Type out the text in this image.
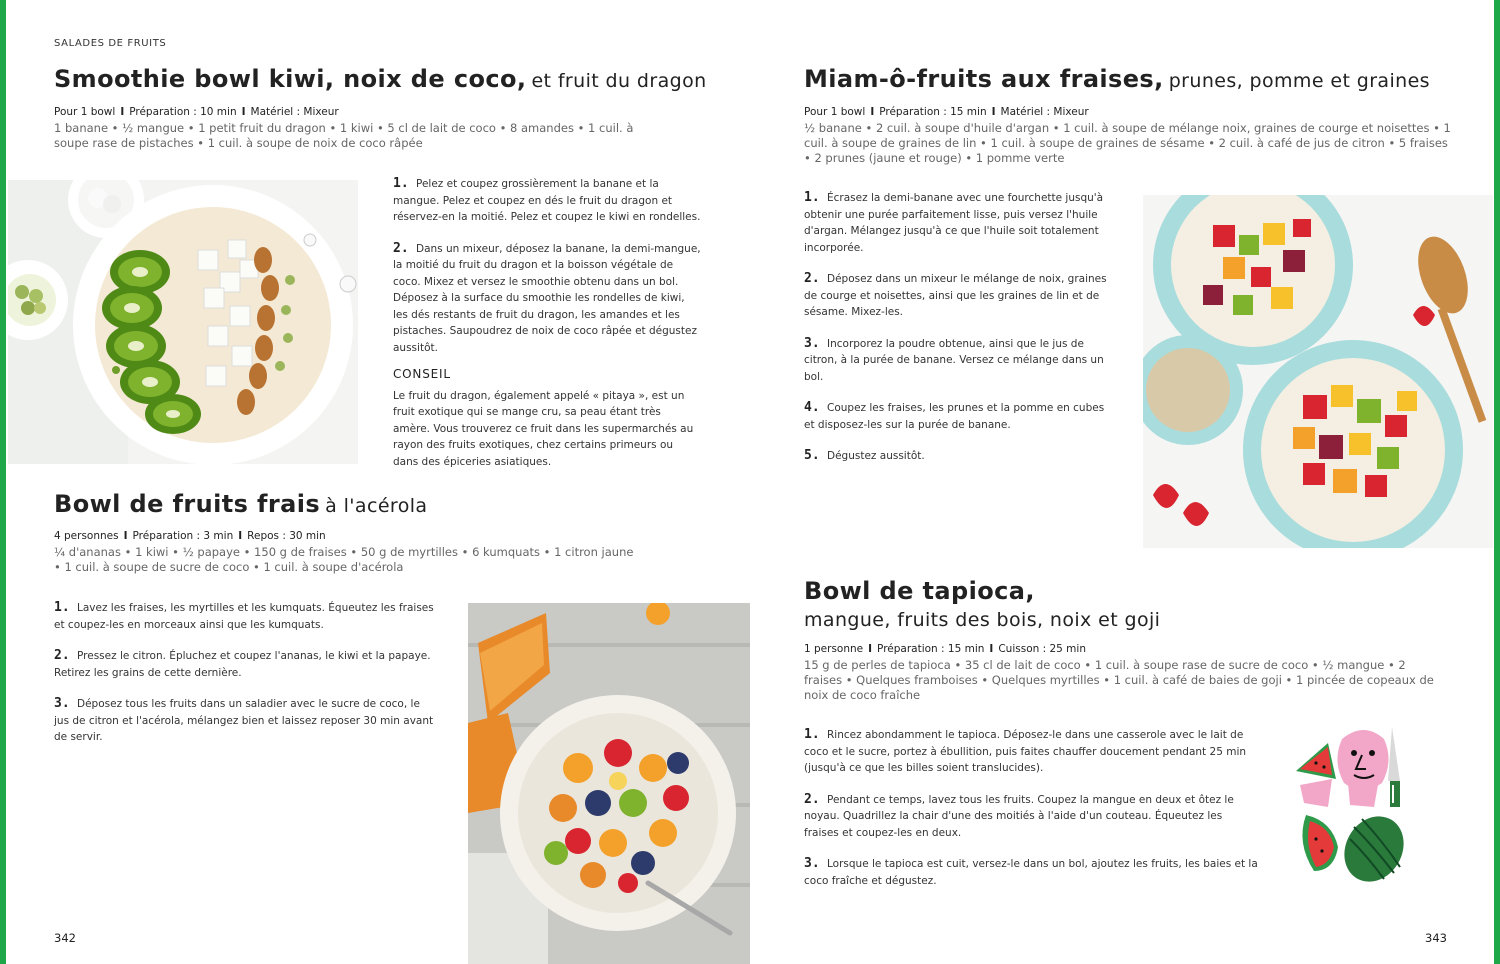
SALADES DE FRUITS
Smoothie bowl kiwi, noix de coco, et fruit du dragon
Pour 1 bowl I Préparation : 10 min I Matériel : Mixeur
1 banane • ½ mangue • 1 petit fruit du dragon • 1 kiwi • 5 cl de lait de coco • 8 amandes • 1 cuil. à soupe rase de pistaches • 1 cuil. à soupe de noix de coco râpée
1. Pelez et coupez grossièrement la banane et la mangue. Pelez et coupez en dés le fruit du dragon et réservez-en la moitié. Pelez et coupez le kiwi en rondelles.
2. Dans un mixeur, déposez la banane, la demi-mangue, la moitié du fruit du dragon et la boisson végétale de coco. Mixez et versez le smoothie obtenu dans un bol. Déposez à la surface du smoothie les rondelles de kiwi, les dés restants de fruit du dragon, les amandes et les pistaches. Saupoudrez de noix de coco râpée et dégustez aussitôt.
CONSEIL
Le fruit du dragon, également appelé « pitaya », est un fruit exotique qui se mange cru, sa peau étant très amère. Vous trouverez ce fruit dans les supermarchés au rayon des fruits exotiques, chez certains primeurs ou dans des épiceries asiatiques.
Bowl de fruits frais à l'acérola
4 personnes I Préparation : 3 min I Repos : 30 min
¼ d'ananas • 1 kiwi • ½ papaye • 150 g de fraises • 50 g de myrtilles • 6 kumquats • 1 citron jaune • 1 cuil. à soupe de sucre de coco • 1 cuil. à soupe d'acérola
1. Lavez les fraises, les myrtilles et les kumquats. Équeutez les fraises et coupez-les en morceaux ainsi que les kumquats.
2. Pressez le citron. Épluchez et coupez l'ananas, le kiwi et la papaye. Retirez les grains de cette dernière.
3. Déposez tous les fruits dans un saladier avec le sucre de coco, le jus de citron et l'acérola, mélangez bien et laissez reposer 30 min avant de servir.
342
Miam-ô-fruits aux fraises, prunes, pomme et graines
Pour 1 bowl I Préparation : 15 min I Matériel : Mixeur
½ banane • 2 cuil. à soupe d'huile d'argan • 1 cuil. à soupe de mélange noix, graines de courge et noisettes • 1 cuil. à soupe de graines de lin • 1 cuil. à soupe de graines de sésame • 2 cuil. à café de jus de citron • 5 fraises • 2 prunes (jaune et rouge) • 1 pomme verte
1. Écrasez la demi-banane avec une fourchette jusqu'à obtenir une purée parfaitement lisse, puis versez l'huile d'argan. Mélangez jusqu'à ce que l'huile soit totalement incorporée.
2. Déposez dans un mixeur le mélange de noix, graines de courge et noisettes, ainsi que les graines de lin et de sésame. Mixez-les.
3. Incorporez la poudre obtenue, ainsi que le jus de citron, à la purée de banane. Versez ce mélange dans un bol.
4. Coupez les fraises, les prunes et la pomme en cubes et disposez-les sur la purée de banane.
5. Dégustez aussitôt.
Bowl de tapioca,
mangue, fruits des bois, noix et goji
1 personne I Préparation : 15 min I Cuisson : 25 min
15 g de perles de tapioca • 35 cl de lait de coco • 1 cuil. à soupe rase de sucre de coco • ½ mangue • 2 fraises • Quelques framboises • Quelques myrtilles • 1 cuil. à café de baies de goji • 1 pincée de copeaux de noix de coco fraîche
1. Rincez abondamment le tapioca. Déposez-le dans une casserole avec le lait de coco et le sucre, portez à ébullition, puis faites chauffer doucement pendant 25 min (jusqu'à ce que les billes soient translucides).
2. Pendant ce temps, lavez tous les fruits. Coupez la mangue en deux et ôtez le noyau. Quadrillez la chair d'une des moitiés à l'aide d'un couteau. Équeutez les fraises et coupez-les en deux.
3. Lorsque le tapioca est cuit, versez-le dans un bol, ajoutez les fruits, les baies et la coco fraîche et dégustez.
343
